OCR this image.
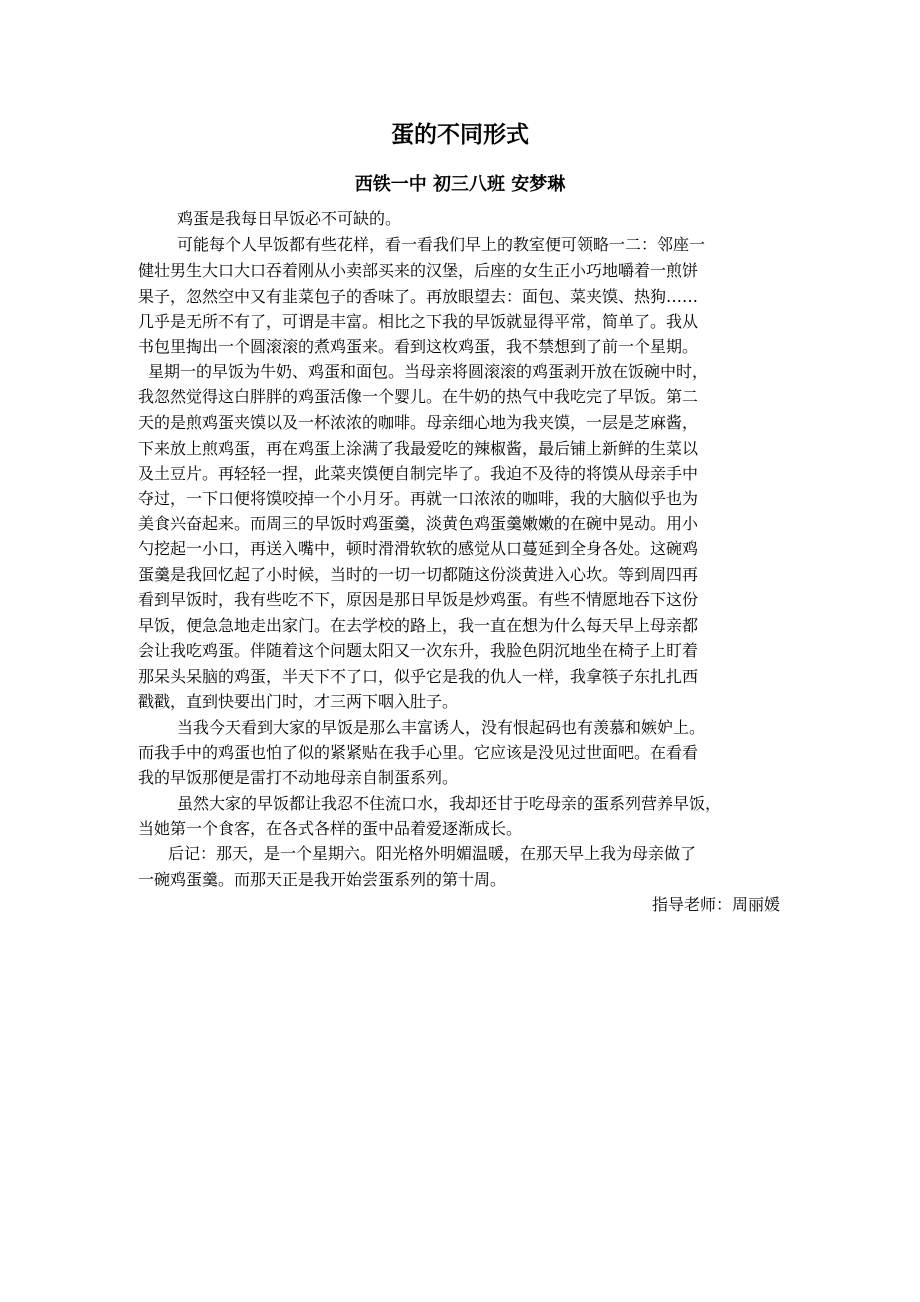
蛋的不同形式
西铁一中 初三八班 安梦琳
鸡蛋是我每日早饭必不可缺的。
可能每个人早饭都有些花样，看一看我们早上的教室便可领略一二：邻座一
健壮男生大口大口吞着刚从小卖部买来的汉堡，后座的女生正小巧地嚼着一煎饼
果子，忽然空中又有韭菜包子的香味了。再放眼望去：面包、菜夹馍、热狗……
几乎是无所不有了，可谓是丰富。相比之下我的早饭就显得平常，简单了。我从
书包里掏出一个圆滚滚的煮鸡蛋来。看到这枚鸡蛋，我不禁想到了前一个星期。
星期一的早饭为牛奶、鸡蛋和面包。当母亲将圆滚滚的鸡蛋剥开放在饭碗中时，
我忽然觉得这白胖胖的鸡蛋活像一个婴儿。在牛奶的热气中我吃完了早饭。第二
天的是煎鸡蛋夹馍以及一杯浓浓的咖啡。母亲细心地为我夹馍，一层是芝麻酱，
下来放上煎鸡蛋，再在鸡蛋上涂满了我最爱吃的辣椒酱，最后铺上新鲜的生菜以
及土豆片。再轻轻一捏，此菜夹馍便自制完毕了。我迫不及待的将馍从母亲手中
夺过，一下口便将馍咬掉一个小月牙。再就一口浓浓的咖啡，我的大脑似乎也为
美食兴奋起来。而周三的早饭时鸡蛋羹，淡黄色鸡蛋羹嫩嫩的在碗中晃动。用小
勺挖起一小口，再送入嘴中，顿时滑滑软软的感觉从口蔓延到全身各处。这碗鸡
蛋羹是我回忆起了小时候，当时的一切一切都随这份淡黄进入心坎。等到周四再
看到早饭时，我有些吃不下，原因是那日早饭是炒鸡蛋。有些不情愿地吞下这份
早饭，便急急地走出家门。在去学校的路上，我一直在想为什么每天早上母亲都
会让我吃鸡蛋。伴随着这个问题太阳又一次东升，我脸色阴沉地坐在椅子上盯着
那呆头呆脑的鸡蛋，半天下不了口，似乎它是我的仇人一样，我拿筷子东扎扎西
戳戳，直到快要出门时，才三两下咽入肚子。
当我今天看到大家的早饭是那么丰富诱人，没有恨起码也有羡慕和嫉妒上。
而我手中的鸡蛋也怕了似的紧紧贴在我手心里。它应该是没见过世面吧。在看看
我的早饭那便是雷打不动地母亲自制蛋系列。
虽然大家的早饭都让我忍不住流口水，我却还甘于吃母亲的蛋系列营养早饭，
当她第一个食客，在各式各样的蛋中品着爱逐渐成长。
后记：那天，是一个星期六。阳光格外明媚温暖，在那天早上我为母亲做了
一碗鸡蛋羹。而那天正是我开始尝蛋系列的第十周。
指导老师：周丽媛
